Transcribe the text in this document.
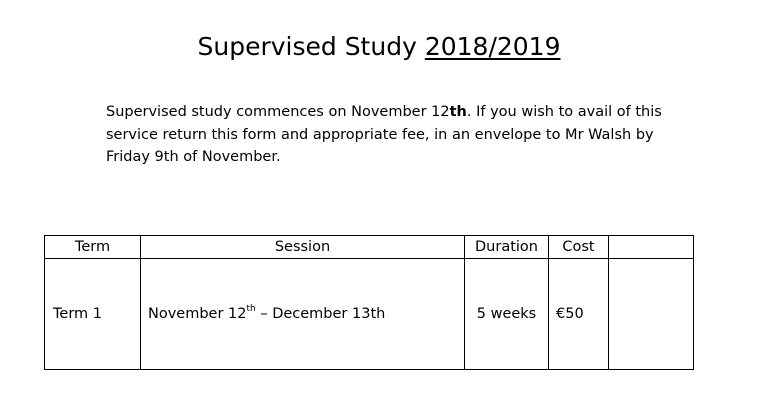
Supervised Study 2018/2019

Supervised study commences on November 12th. If you wish to avail of this

service return this form and appropriate fee, in an envelope to Mr Walsh by

Friday 9th of November.

Term	Session	Duration	Cost	
Term 1	November 12th – December 13th	5 weeks	€50	
